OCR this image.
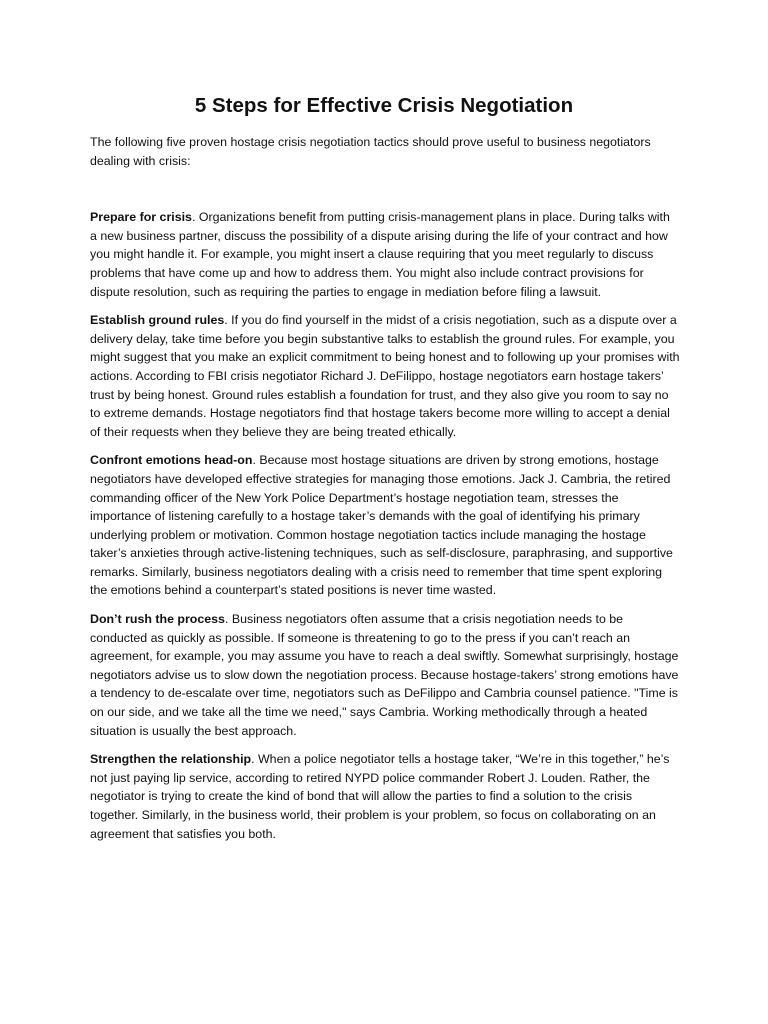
5 Steps for Effective Crisis Negotiation

The following five proven hostage crisis negotiation tactics should prove useful to business negotiators dealing with crisis:

Prepare for crisis. Organizations benefit from putting crisis-management plans in place. During talks with a new business partner, discuss the possibility of a dispute arising during the life of your contract and how you might handle it. For example, you might insert a clause requiring that you meet regularly to discuss problems that have come up and how to address them. You might also include contract provisions for dispute resolution, such as requiring the parties to engage in mediation before filing a lawsuit.

Establish ground rules. If you do find yourself in the midst of a crisis negotiation, such as a dispute over a delivery delay, take time before you begin substantive talks to establish the ground rules. For example, you might suggest that you make an explicit commitment to being honest and to following up your promises with actions. According to FBI crisis negotiator Richard J. DeFilippo, hostage negotiators earn hostage takers’ trust by being honest. Ground rules establish a foundation for trust, and they also give you room to say no to extreme demands. Hostage negotiators find that hostage takers become more willing to accept a denial of their requests when they believe they are being treated ethically.

Confront emotions head-on. Because most hostage situations are driven by strong emotions, hostage negotiators have developed effective strategies for managing those emotions. Jack J. Cambria, the retired commanding officer of the New York Police Department’s hostage negotiation team, stresses the importance of listening carefully to a hostage taker’s demands with the goal of identifying his primary underlying problem or motivation. Common hostage negotiation tactics include managing the hostage taker’s anxieties through active-listening techniques, such as self-disclosure, paraphrasing, and supportive remarks. Similarly, business negotiators dealing with a crisis need to remember that time spent exploring the emotions behind a counterpart’s stated positions is never time wasted.

Don’t rush the process. Business negotiators often assume that a crisis negotiation needs to be conducted as quickly as possible. If someone is threatening to go to the press if you can’t reach an agreement, for example, you may assume you have to reach a deal swiftly. Somewhat surprisingly, hostage negotiators advise us to slow down the negotiation process. Because hostage-takers’ strong emotions have a tendency to de-escalate over time, negotiators such as DeFilippo and Cambria counsel patience. "Time is on our side, and we take all the time we need," says Cambria. Working methodically through a heated situation is usually the best approach.

Strengthen the relationship. When a police negotiator tells a hostage taker, “We’re in this together,” he’s not just paying lip service, according to retired NYPD police commander Robert J. Louden. Rather, the negotiator is trying to create the kind of bond that will allow the parties to find a solution to the crisis together. Similarly, in the business world, their problem is your problem, so focus on collaborating on an agreement that satisfies you both.
